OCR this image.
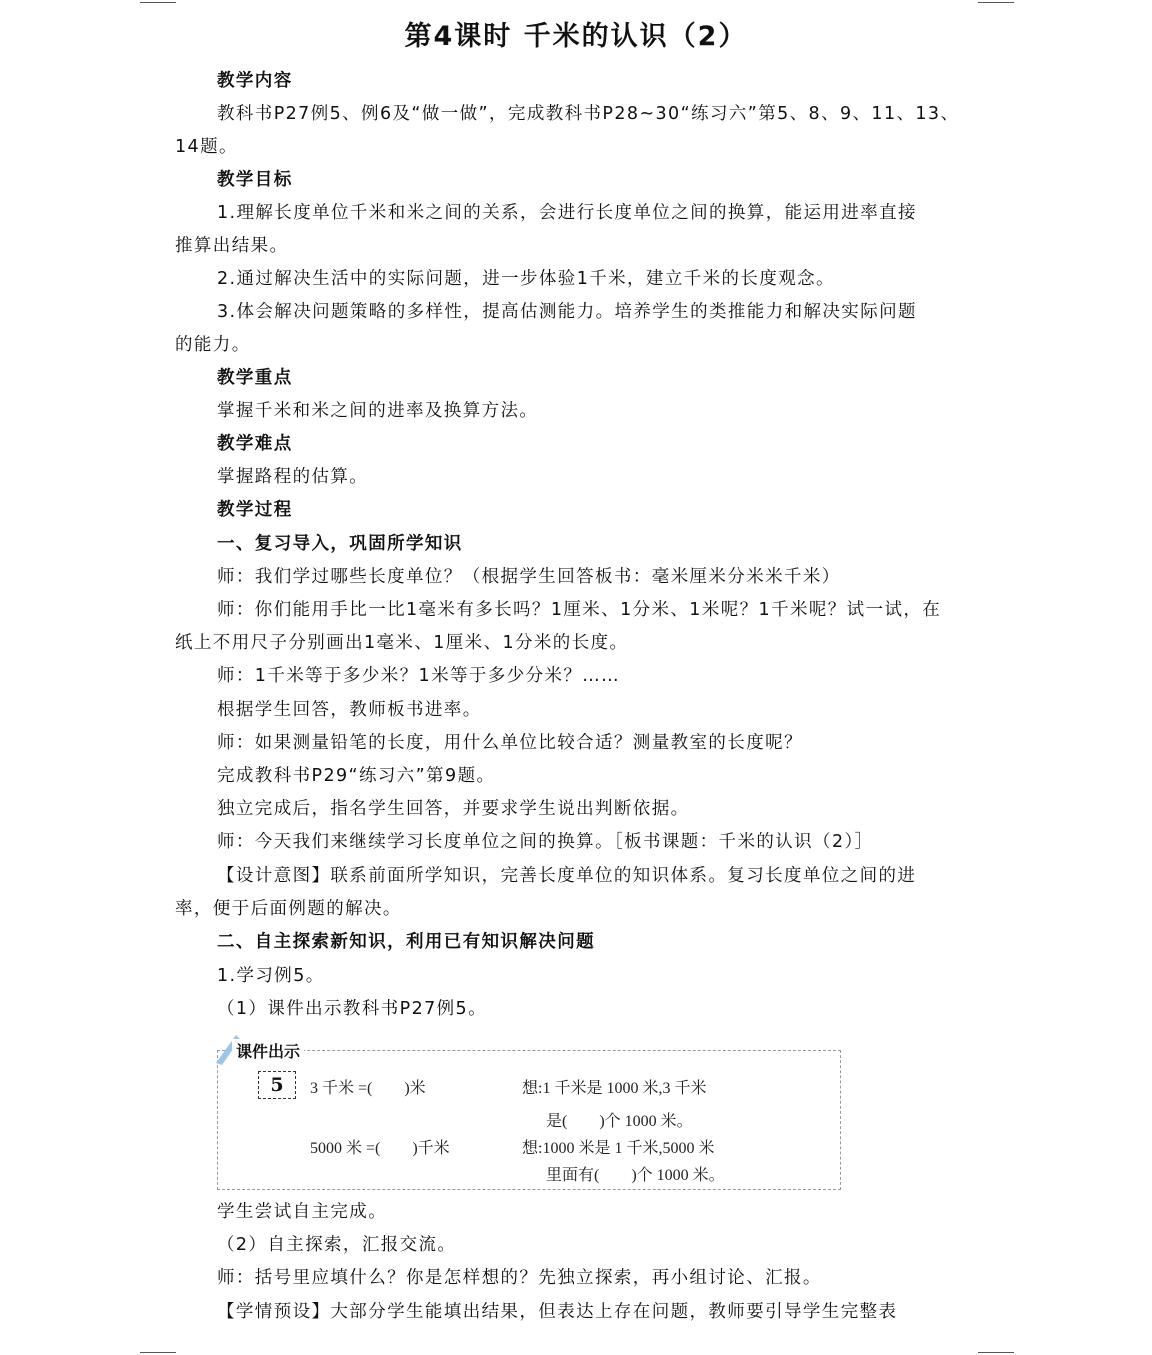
第4课时 千米的认识（2）
教学内容
教科书P27例5、例6及“做一做”，完成教科书P28~30“练习六”第5、8、9、11、13、
14题。
教学目标
1.理解长度单位千米和米之间的关系，会进行长度单位之间的换算，能运用进率直接
推算出结果。
2.通过解决生活中的实际问题，进一步体验1千米，建立千米的长度观念。
3.体会解决问题策略的多样性，提高估测能力。培养学生的类推能力和解决实际问题
的能力。
教学重点
掌握千米和米之间的进率及换算方法。
教学难点
掌握路程的估算。
教学过程
一、复习导入，巩固所学知识
师：我们学过哪些长度单位？（根据学生回答板书：毫米厘米分米米千米）
师：你们能用手比一比1毫米有多长吗？1厘米、1分米、1米呢？1千米呢？试一试，在
纸上不用尺子分别画出1毫米、1厘米、1分米的长度。
师：1千米等于多少米？1米等于多少分米？……
根据学生回答，教师板书进率。
师：如果测量铅笔的长度，用什么单位比较合适？测量教室的长度呢？
完成教科书P29“练习六”第9题。
独立完成后，指名学生回答，并要求学生说出判断依据。
师：今天我们来继续学习长度单位之间的换算。［板书课题：千米的认识（2）］
【设计意图】联系前面所学知识，完善长度单位的知识体系。复习长度单位之间的进
率，便于后面例题的解决。
二、自主探索新知识，利用已有知识解决问题
1.学习例5。
（1）课件出示教科书P27例5。
课件出示
5	3 千米 =(　　)米	想:1 千米是 1000 米,3 千米
是(　　)个 1000 米。
5000 米 =(　　)千米	想:1000 米是 1 千米,5000 米
里面有(　　)个 1000 米。
学生尝试自主完成。
（2）自主探索，汇报交流。
师：括号里应填什么？你是怎样想的？先独立探索，再小组讨论、汇报。
【学情预设】大部分学生能填出结果，但表达上存在问题，教师要引导学生完整表
